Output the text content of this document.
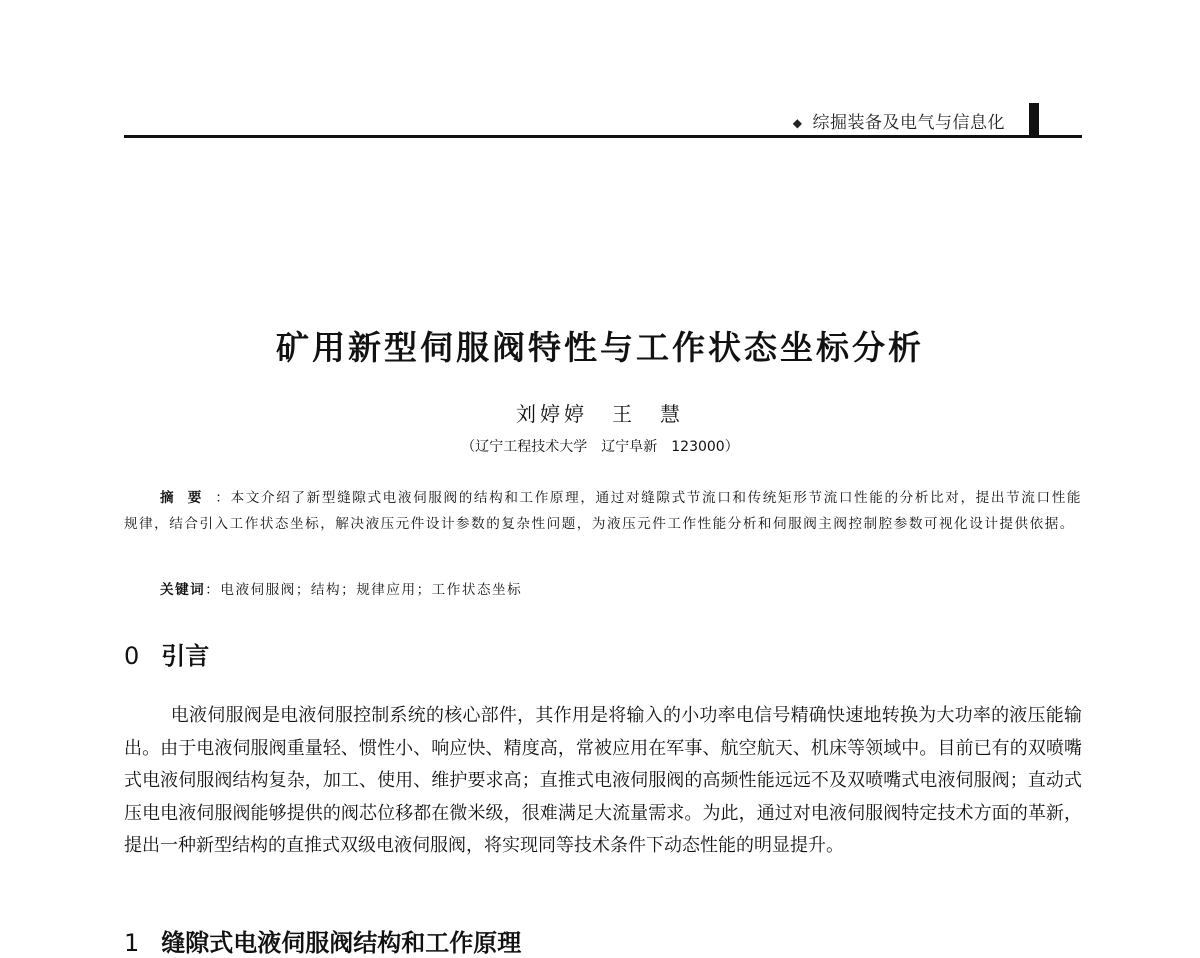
◆ 综掘装备及电气与信息化
矿用新型伺服阀特性与工作状态坐标分析
刘婷婷　王　慧
（辽宁工程技术大学　辽宁阜新　123000）
摘要：本文介绍了新型缝隙式电液伺服阀的结构和工作原理，通过对缝隙式节流口和传统矩形节流口性能的分析比对，提出节流口性能规律，结合引入工作状态坐标，解决液压元件设计参数的复杂性问题，为液压元件工作性能分析和伺服阀主阀控制腔参数可视化设计提供依据。
关键词：电液伺服阀；结构；规律应用；工作状态坐标
0 引言

电液伺服阀是电液伺服控制系统的核心部件，其作用是将输入的小功率电信号精确快速地转换为大功率的液压能输出。由于电液伺服阀重量轻、惯性小、响应快、精度高，常被应用在军事、航空航天、机床等领域中。目前已有的双喷嘴式电液伺服阀结构复杂，加工、使用、维护要求高；直推式电液伺服阀的高频性能远远不及双喷嘴式电液伺服阀；直动式压电电液伺服阀能够提供的阀芯位移都在微米级，很难满足大流量需求。为此，通过对电液伺服阀特定技术方面的革新，提出一种新型结构的直推式双级电液伺服阀，将实现同等技术条件下动态性能的明显提升。

1 缝隙式电液伺服阀结构和工作原理
